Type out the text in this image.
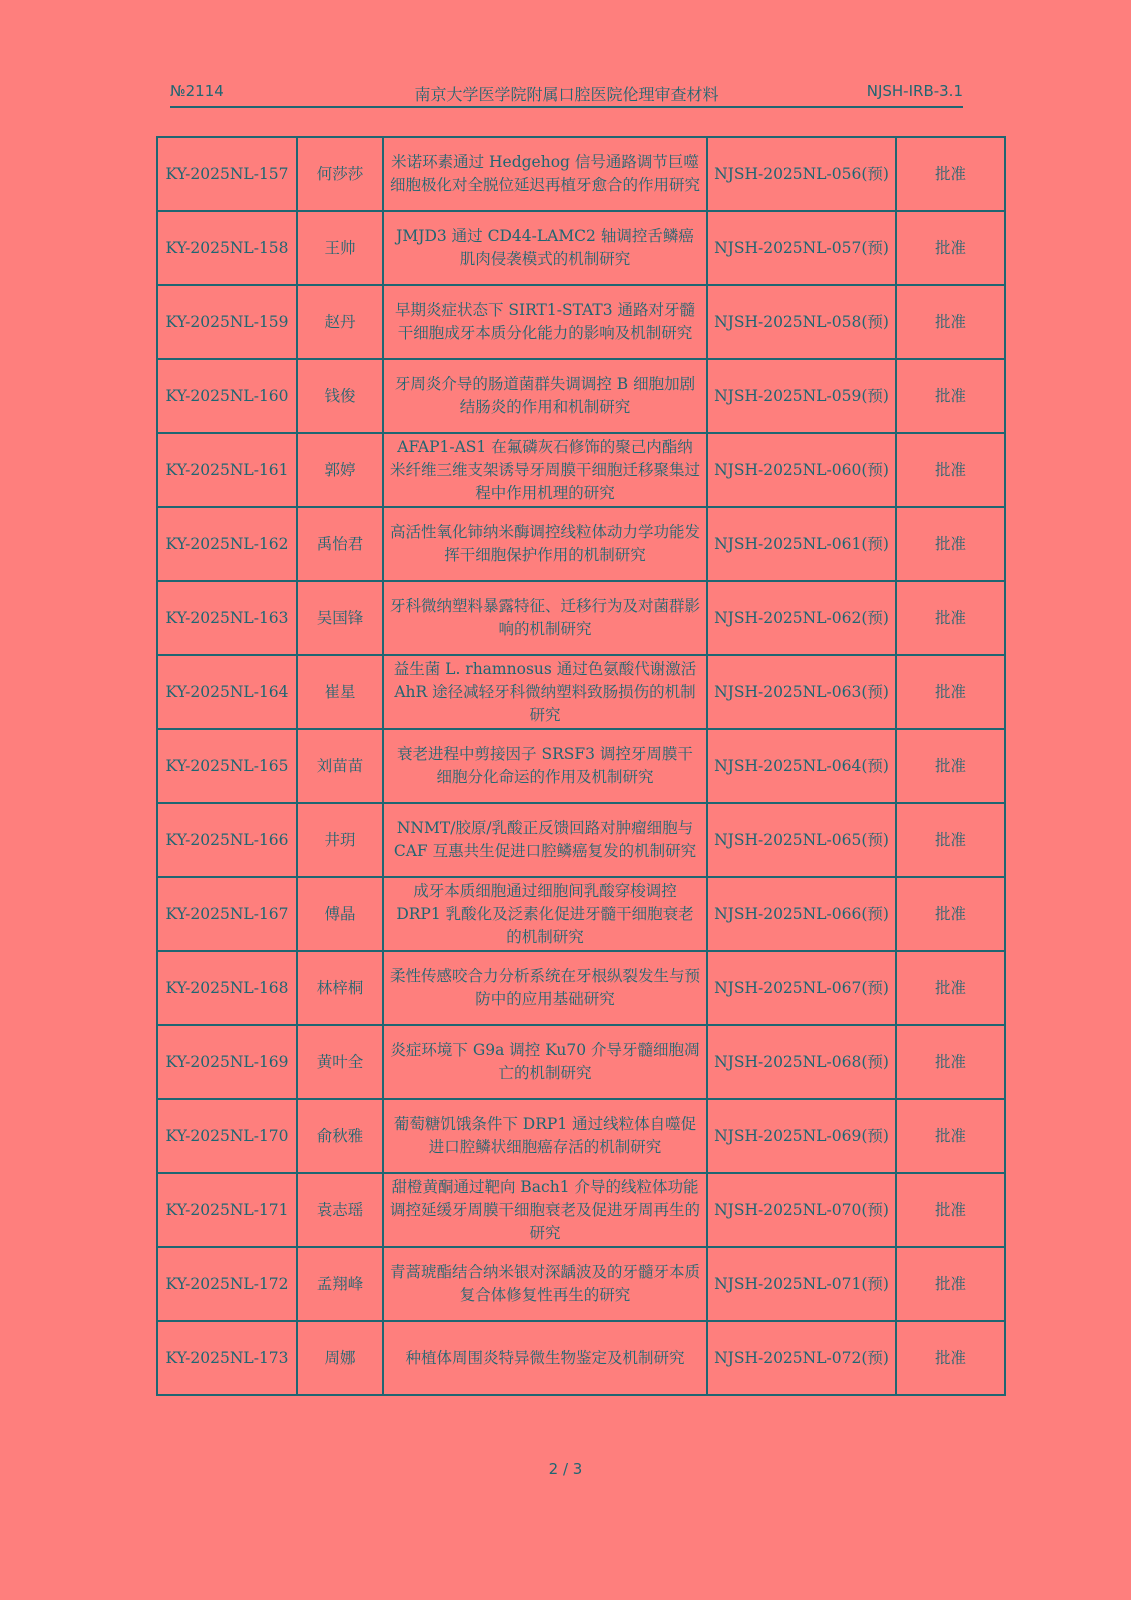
№2114	南京大学医学院附属口腔医院伦理审查材料	NJSH-IRB-3.1
KY-2025NL-157	何莎莎	米诺环素通过 Hedgehog 信号通路调节巨噬细胞极化对全脱位延迟再植牙愈合的作用研究	NJSH-2025NL-056(预)	批准
KY-2025NL-158	王帅	JMJD3 通过 CD44-LAMC2 轴调控舌鳞癌肌肉侵袭模式的机制研究	NJSH-2025NL-057(预)	批准
KY-2025NL-159	赵丹	早期炎症状态下 SIRT1-STAT3 通路对牙髓干细胞成牙本质分化能力的影响及机制研究	NJSH-2025NL-058(预)	批准
KY-2025NL-160	钱俊	牙周炎介导的肠道菌群失调调控 B 细胞加剧结肠炎的作用和机制研究	NJSH-2025NL-059(预)	批准
KY-2025NL-161	郭婷	AFAP1-AS1 在氟磷灰石修饰的聚己内酯纳米纤维三维支架诱导牙周膜干细胞迁移聚集过程中作用机理的研究	NJSH-2025NL-060(预)	批准
KY-2025NL-162	禹怡君	高活性氧化铈纳米酶调控线粒体动力学功能发挥干细胞保护作用的机制研究	NJSH-2025NL-061(预)	批准
KY-2025NL-163	吴国锋	牙科微纳塑料暴露特征、迁移行为及对菌群影响的机制研究	NJSH-2025NL-062(预)	批准
KY-2025NL-164	崔星	益生菌 L. rhamnosus 通过色氨酸代谢激活 AhR 途径减轻牙科微纳塑料致肠损伤的机制研究	NJSH-2025NL-063(预)	批准
KY-2025NL-165	刘苗苗	衰老进程中剪接因子 SRSF3 调控牙周膜干细胞分化命运的作用及机制研究	NJSH-2025NL-064(预)	批准
KY-2025NL-166	井玥	NNMT/胶原/乳酸正反馈回路对肿瘤细胞与 CAF 互惠共生促进口腔鳞癌复发的机制研究	NJSH-2025NL-065(预)	批准
KY-2025NL-167	傅晶	成牙本质细胞通过细胞间乳酸穿梭调控 DRP1 乳酸化及泛素化促进牙髓干细胞衰老的机制研究	NJSH-2025NL-066(预)	批准
KY-2025NL-168	林梓桐	柔性传感咬合力分析系统在牙根纵裂发生与预防中的应用基础研究	NJSH-2025NL-067(预)	批准
KY-2025NL-169	黄叶全	炎症环境下 G9a 调控 Ku70 介导牙髓细胞凋亡的机制研究	NJSH-2025NL-068(预)	批准
KY-2025NL-170	俞秋雅	葡萄糖饥饿条件下 DRP1 通过线粒体自噬促进口腔鳞状细胞癌存活的机制研究	NJSH-2025NL-069(预)	批准
KY-2025NL-171	袁志瑶	甜橙黄酮通过靶向 Bach1 介导的线粒体功能调控延缓牙周膜干细胞衰老及促进牙周再生的研究	NJSH-2025NL-070(预)	批准
KY-2025NL-172	孟翔峰	青蒿琥酯结合纳米银对深龋波及的牙髓牙本质复合体修复性再生的研究	NJSH-2025NL-071(预)	批准
KY-2025NL-173	周娜	种植体周围炎特异微生物鉴定及机制研究	NJSH-2025NL-072(预)	批准
2 / 3
